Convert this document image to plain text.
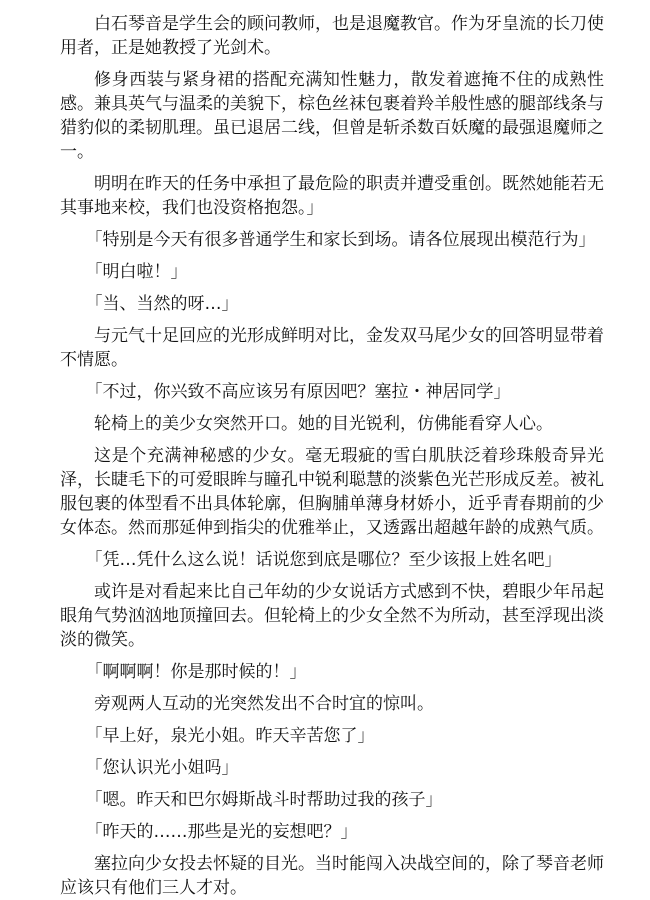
白石琴音是学生会的顾问教师，也是退魔教官。作为牙皇流的长刀使用者，正是她教授了光剑术。

修身西装与紧身裙的搭配充满知性魅力，散发着遮掩不住的成熟性感。兼具英气与温柔的美貌下，棕色丝袜包裹着羚羊般性感的腿部线条与猎豹似的柔韧肌理。虽已退居二线，但曾是斩杀数百妖魔的最强退魔师之一。

明明在昨天的任务中承担了最危险的职责并遭受重创。既然她能若无其事地来校，我们也没资格抱怨。」

「特别是今天有很多普通学生和家长到场。请各位展现出模范行为」

「明白啦！」

「当、当然的呀…」

与元气十足回应的光形成鲜明对比，金发双马尾少女的回答明显带着不情愿。

「不过，你兴致不高应该另有原因吧？塞拉・神居同学」

轮椅上的美少女突然开口。她的目光锐利，仿佛能看穿人心。

这是个充满神秘感的少女。毫无瑕疵的雪白肌肤泛着珍珠般奇异光泽，长睫毛下的可爱眼眸与瞳孔中锐利聪慧的淡紫色光芒形成反差。被礼服包裹的体型看不出具体轮廓，但胸脯单薄身材娇小，近乎青春期前的少女体态。然而那延伸到指尖的优雅举止，又透露出超越年龄的成熟气质。

「凭…凭什么这么说！话说您到底是哪位？至少该报上姓名吧」

或许是对看起来比自己年幼的少女说话方式感到不快，碧眼少年吊起眼角气势汹汹地顶撞回去。但轮椅上的少女全然不为所动，甚至浮现出淡淡的微笑。

「啊啊啊！你是那时候的！」

旁观两人互动的光突然发出不合时宜的惊叫。

「早上好，泉光小姐。昨天辛苦您了」

「您认识光小姐吗」

「嗯。昨天和巴尔姆斯战斗时帮助过我的孩子」

「昨天的……那些是光的妄想吧？」

塞拉向少女投去怀疑的目光。当时能闯入决战空间的，除了琴音老师应该只有他们三人才对。
